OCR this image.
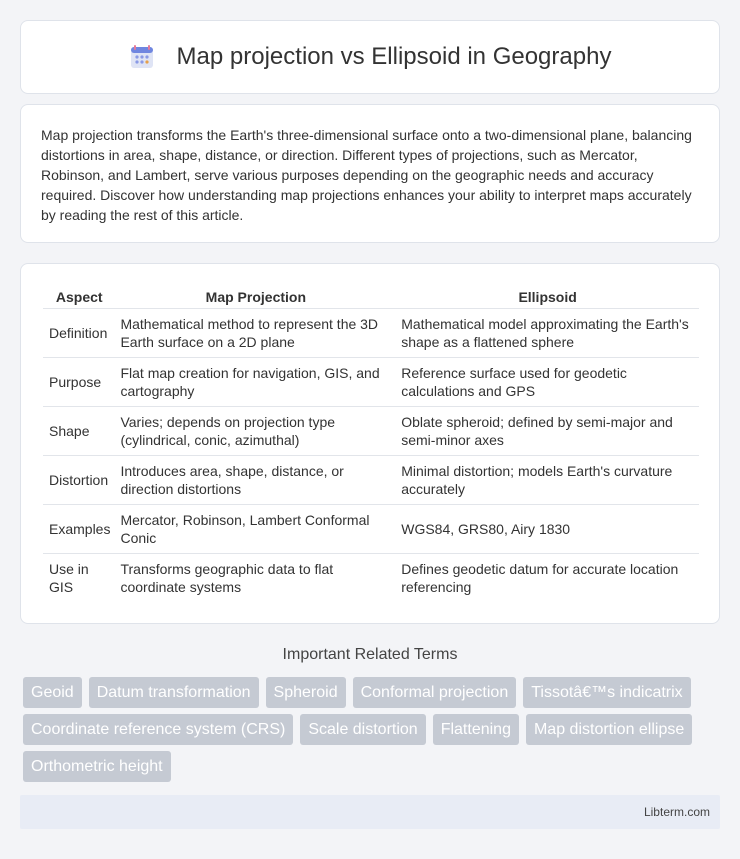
Map projection vs Ellipsoid in Geography

Map projection transforms the Earth's three-dimensional surface onto a two-dimensional plane, balancing distortions in area, shape, distance, or direction. Different types of projections, such as Mercator, Robinson, and Lambert, serve various purposes depending on the geographic needs and accuracy required. Discover how understanding map projections enhances your ability to interpret maps accurately by reading the rest of this article.

Aspect	Map Projection	Ellipsoid
Definition	Mathematical method to represent the 3D Earth surface on a 2D plane	Mathematical model approximating the Earth's shape as a flattened sphere
Purpose	Flat map creation for navigation, GIS, and cartography	Reference surface used for geodetic calculations and GPS
Shape	Varies; depends on projection type (cylindrical, conic, azimuthal)	Oblate spheroid; defined by semi-major and semi-minor axes
Distortion	Introduces area, shape, distance, or direction distortions	Minimal distortion; models Earth's curvature accurately
Examples	Mercator, Robinson, Lambert Conformal Conic	WGS84, GRS80, Airy 1830
Use in GIS	Transforms geographic data to flat coordinate systems	Defines geodetic datum for accurate location referencing
Important Related Terms
Geoid	Datum transformation	Spheroid	Conformal projection	Tissotâ€™s indicatrix
Coordinate reference system (CRS)	Scale distortion	Flattening	Map distortion ellipse
Orthometric height
Libterm.com
